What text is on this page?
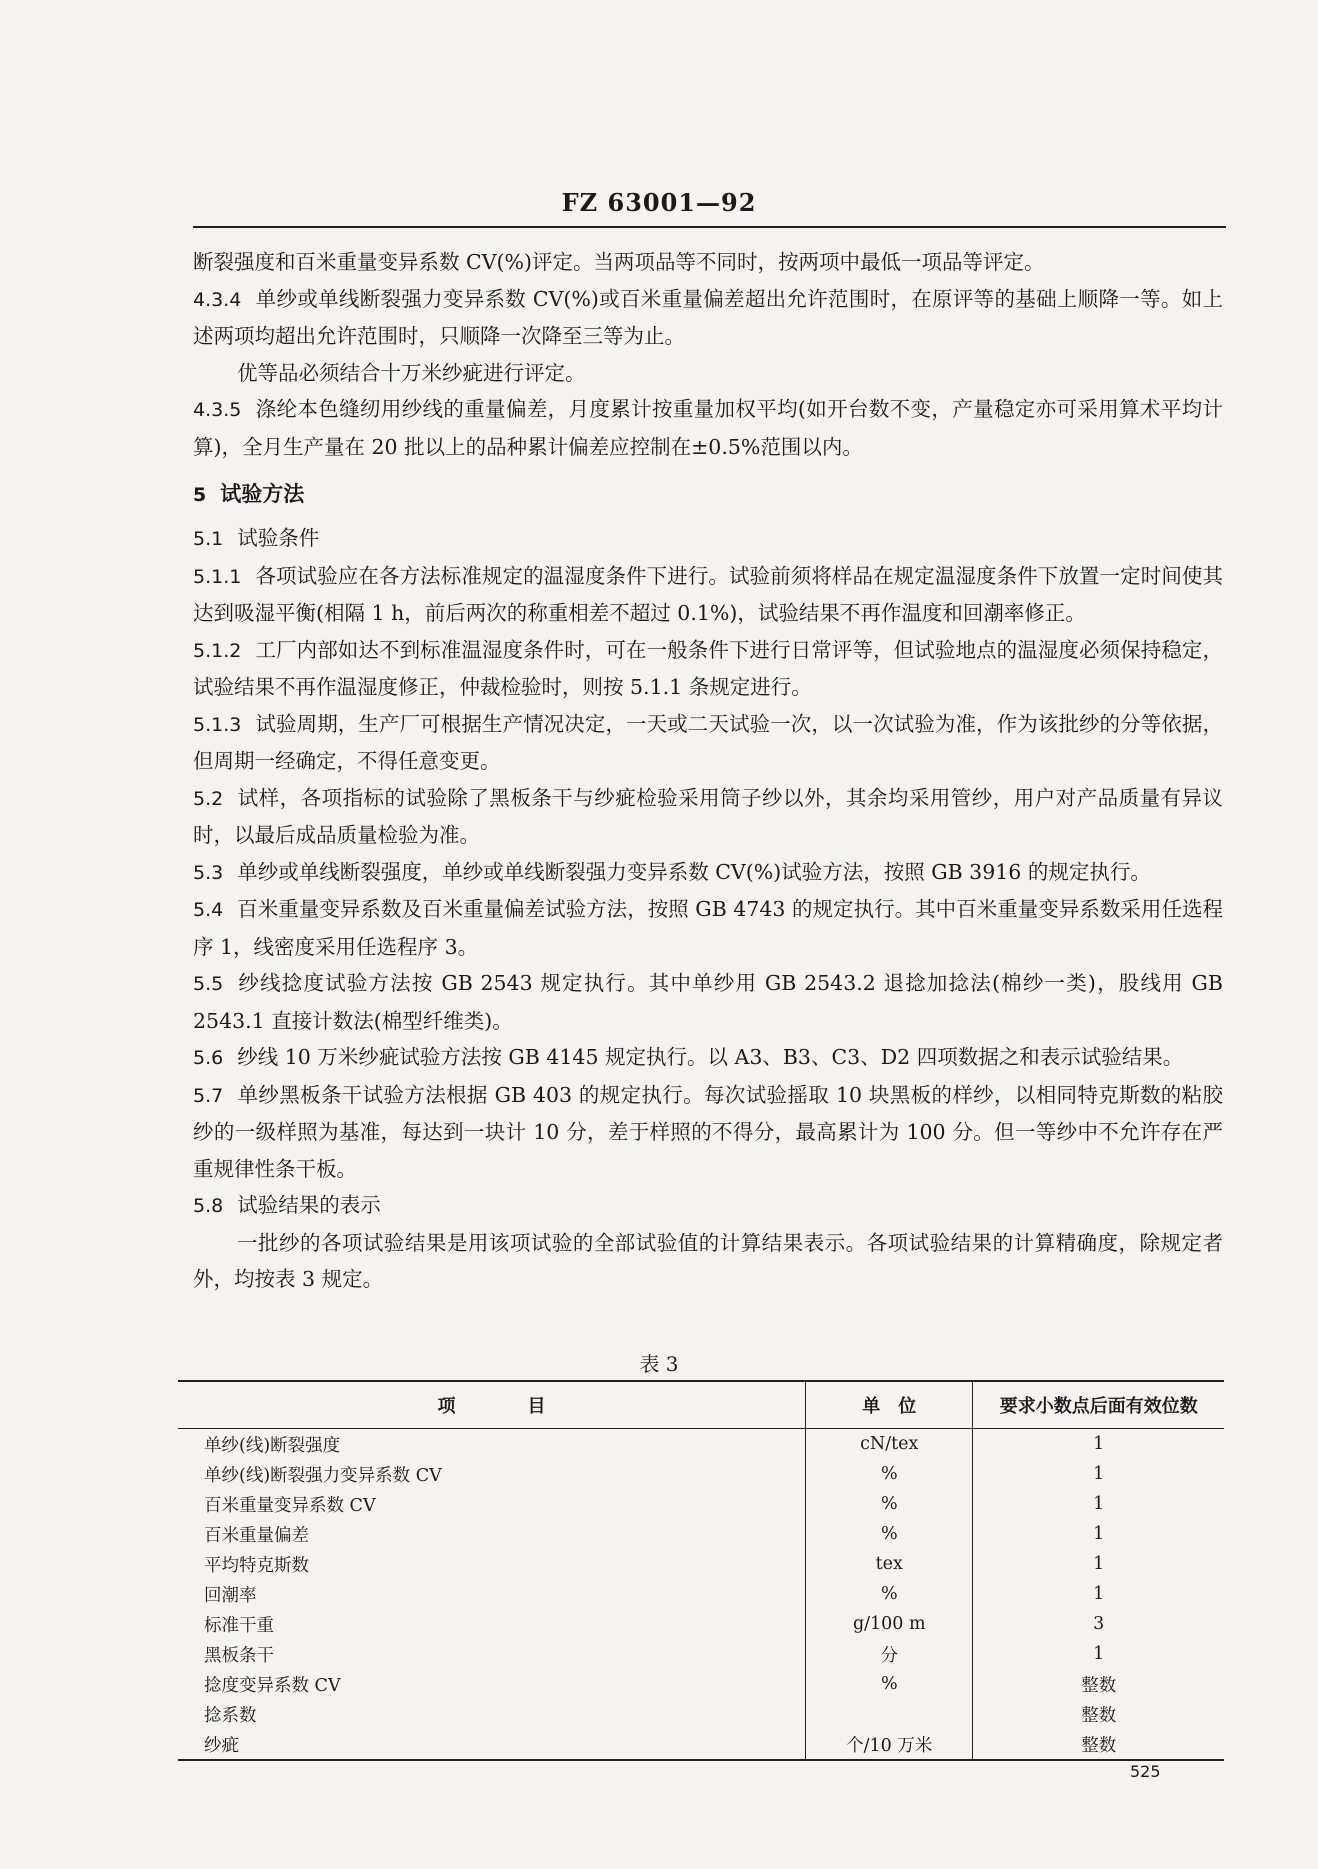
FZ 63001—92

断裂强度和百米重量变异系数 CV(%)评定。当两项品等不同时，按两项中最低一项品等评定。

4.3.4 单纱或单线断裂强力变异系数 CV(%)或百米重量偏差超出允许范围时，在原评等的基础上顺降一等。如上述两项均超出允许范围时，只顺降一次降至三等为止。

优等品必须结合十万米纱疵进行评定。

4.3.5 涤纶本色缝纫用纱线的重量偏差，月度累计按重量加权平均(如开台数不变，产量稳定亦可采用算术平均计算)，全月生产量在 20 批以上的品种累计偏差应控制在±0.5%范围以内。

5 试验方法

5.1 试验条件

5.1.1 各项试验应在各方法标准规定的温湿度条件下进行。试验前须将样品在规定温湿度条件下放置一定时间使其达到吸湿平衡(相隔 1 h，前后两次的称重相差不超过 0.1%)，试验结果不再作温度和回潮率修正。

5.1.2 工厂内部如达不到标准温湿度条件时，可在一般条件下进行日常评等，但试验地点的温湿度必须保持稳定，试验结果不再作温湿度修正，仲裁检验时，则按 5.1.1 条规定进行。

5.1.3 试验周期，生产厂可根据生产情况决定，一天或二天试验一次，以一次试验为准，作为该批纱的分等依据，但周期一经确定，不得任意变更。

5.2 试样，各项指标的试验除了黑板条干与纱疵检验采用筒子纱以外，其余均采用管纱，用户对产品质量有异议时，以最后成品质量检验为准。

5.3 单纱或单线断裂强度，单纱或单线断裂强力变异系数 CV(%)试验方法，按照 GB 3916 的规定执行。

5.4 百米重量变异系数及百米重量偏差试验方法，按照 GB 4743 的规定执行。其中百米重量变异系数采用任选程序 1，线密度采用任选程序 3。

5.5 纱线捻度试验方法按 GB 2543 规定执行。其中单纱用 GB 2543.2 退捻加捻法(棉纱一类)，股线用 GB 2543.1 直接计数法(棉型纤维类)。

5.6 纱线 10 万米纱疵试验方法按 GB 4145 规定执行。以 A3、B3、C3、D2 四项数据之和表示试验结果。

5.7 单纱黑板条干试验方法根据 GB 403 的规定执行。每次试验摇取 10 块黑板的样纱，以相同特克斯数的粘胶纱的一级样照为基准，每达到一块计 10 分，差于样照的不得分，最高累计为 100 分。但一等纱中不允许存在严重规律性条干板。

5.8 试验结果的表示

一批纱的各项试验结果是用该项试验的全部试验值的计算结果表示。各项试验结果的计算精确度，除规定者外，均按表 3 规定。

表 3
项　　　　目	单　位	要求小数点后面有效位数
单纱(线)断裂强度	cN/tex	1
单纱(线)断裂强力变异系数 CV	%	1
百米重量变异系数 CV	%	1
百米重量偏差	%	1
平均特克斯数	tex	1
回潮率	%	1
标准干重	g/100 m	3
黑板条干	分	1
捻度变异系数 CV	%	整数
捻系数		整数
纱疵	个/10 万米	整数
525
